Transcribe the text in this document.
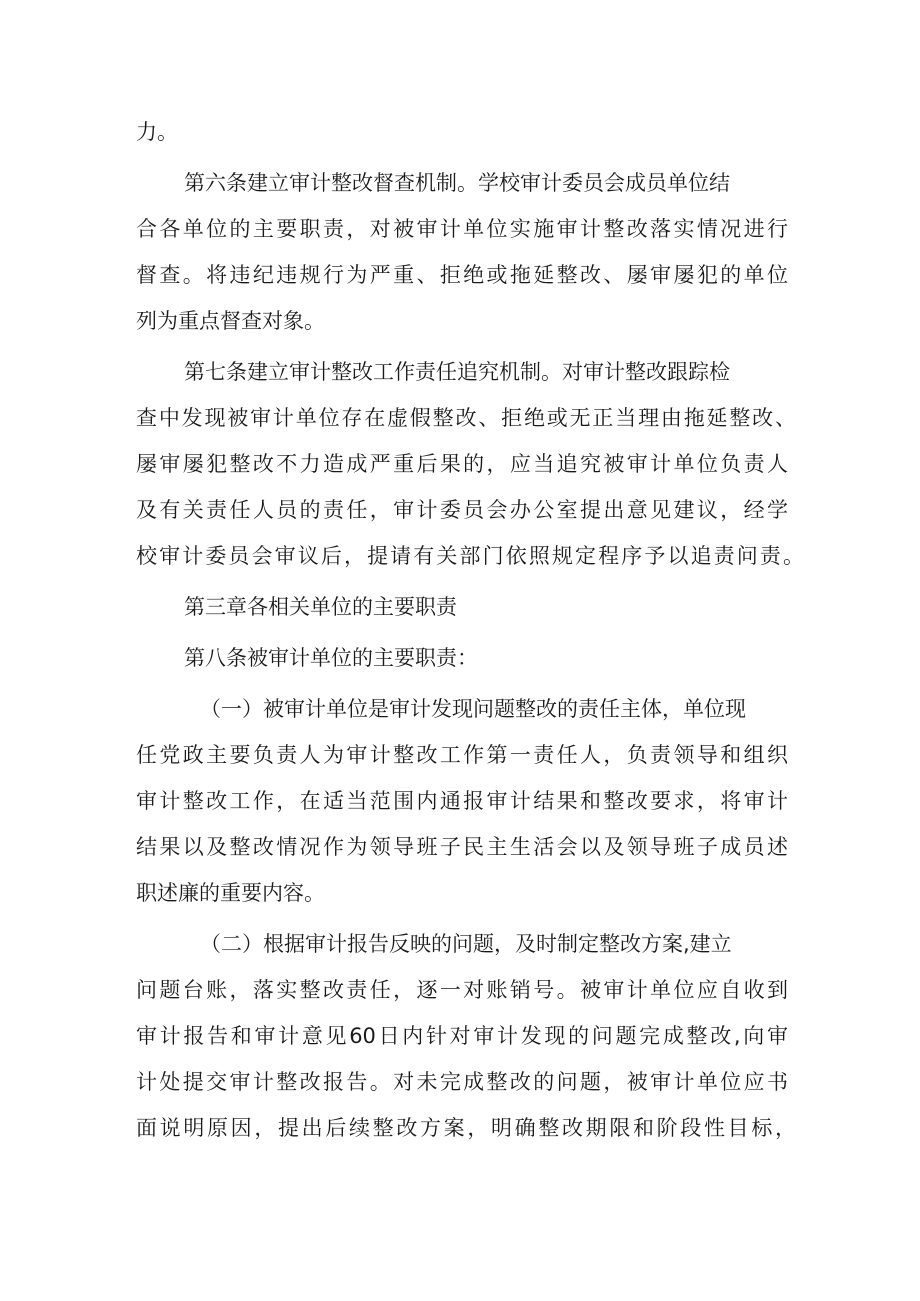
力。
第六条建立审计整改督查机制。学校审计委员会成员单位结
合各单位的主要职责，对被审计单位实施审计整改落实情况进行
督查。将违纪违规行为严重、拒绝或拖延整改、屡审屡犯的单位
列为重点督查对象。
第七条建立审计整改工作责任追究机制。对审计整改跟踪检
查中发现被审计单位存在虚假整改、拒绝或无正当理由拖延整改、
屡审屡犯整改不力造成严重后果的，应当追究被审计单位负责人
及有关责任人员的责任，审计委员会办公室提出意见建议，经学
校审计委员会审议后，提请有关部门依照规定程序予以追责问责。
第三章各相关单位的主要职责
第八条被审计单位的主要职责：
（一）被审计单位是审计发现问题整改的责任主体，单位现
任党政主要负责人为审计整改工作第一责任人，负责领导和组织
审计整改工作，在适当范围内通报审计结果和整改要求，将审计
结果以及整改情况作为领导班子民主生活会以及领导班子成员述
职述廉的重要内容。
（二）根据审计报告反映的问题，及时制定整改方案,建立
问题台账，落实整改责任，逐一对账销号。被审计单位应自收到
审计报告和审计意见60日内针对审计发现的问题完成整改,向审
计处提交审计整改报告。对未完成整改的问题，被审计单位应书
面说明原因，提出后续整改方案，明确整改期限和阶段性目标，
